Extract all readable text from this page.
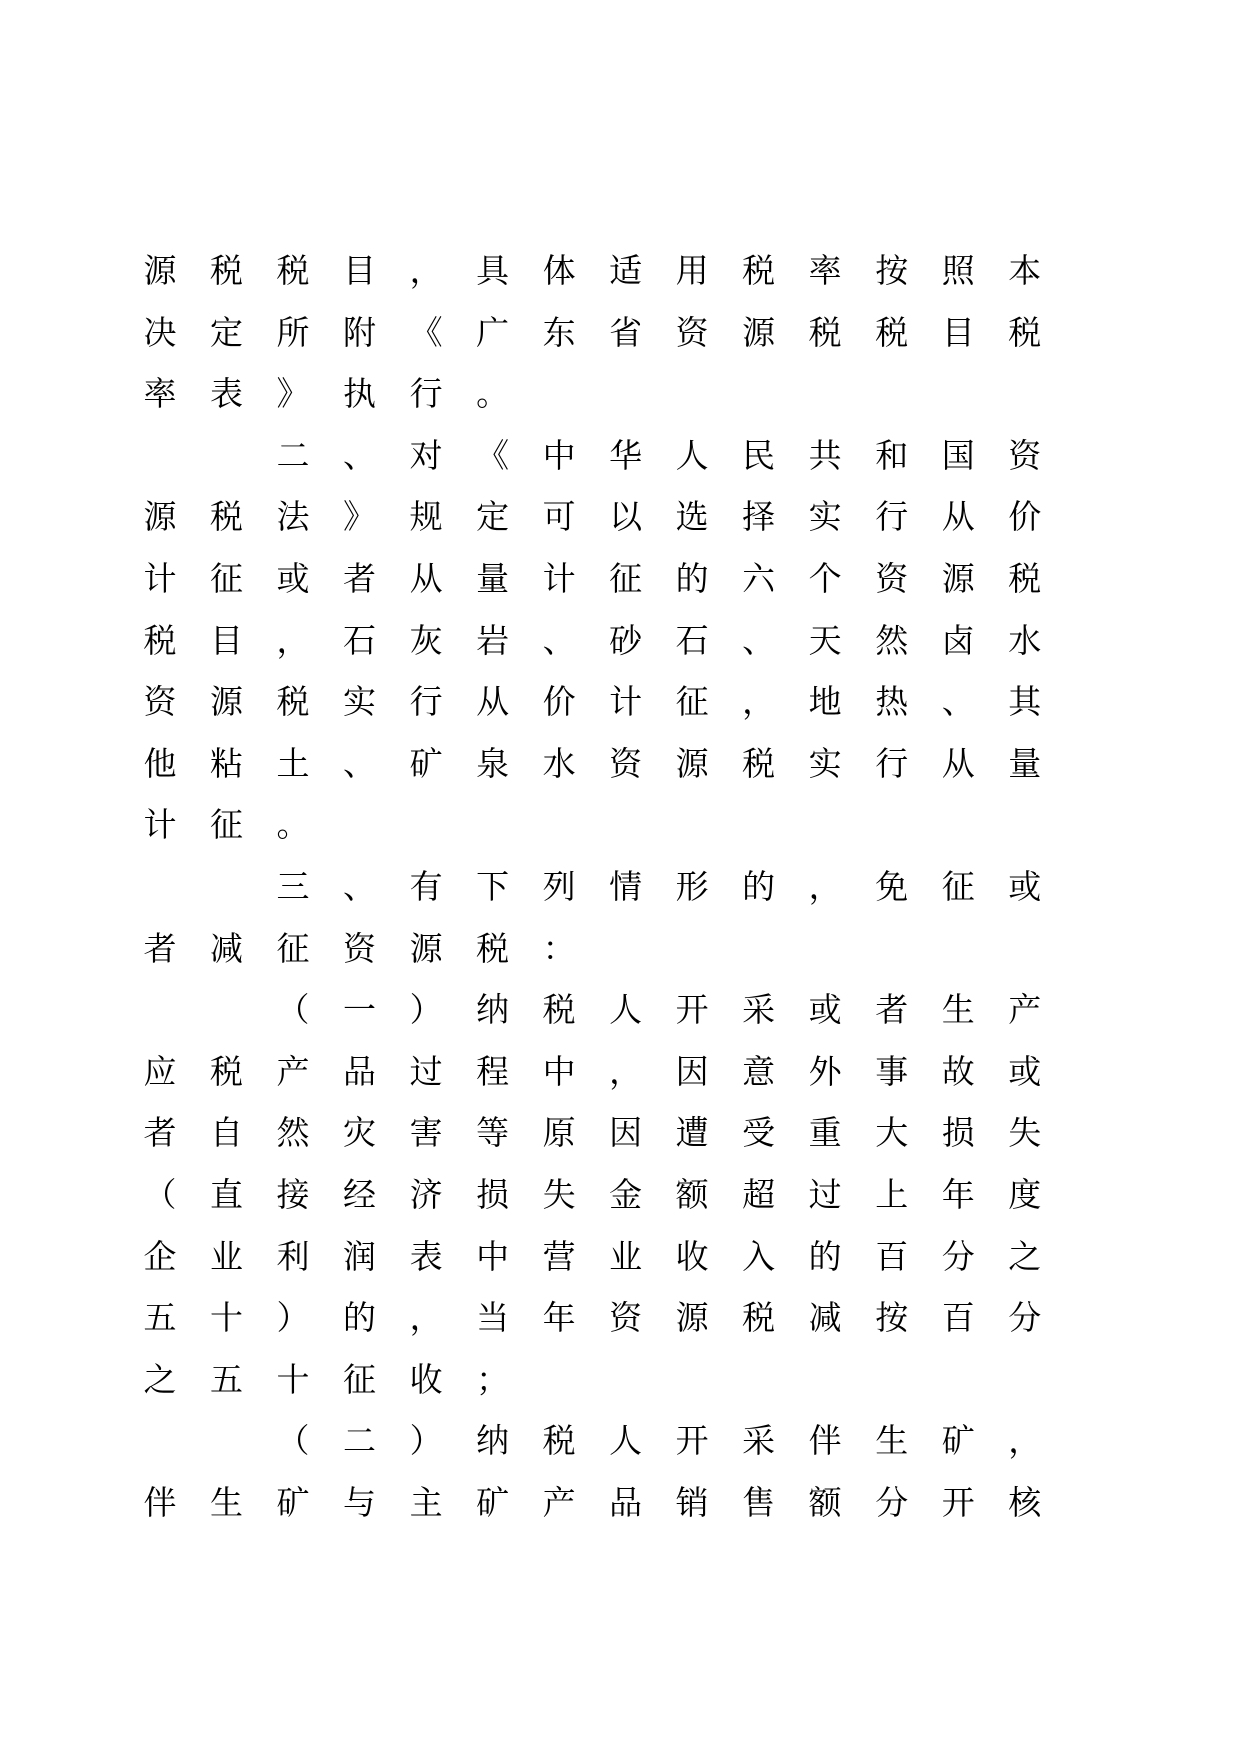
源 税 税 目 ， 具 体 适 用 税 率 按 照 本
决 定 所 附 《 广 东 省 资 源 税 税 目 税
率 表 》 执 行 。
二 、 对 《 中 华 人 民 共 和 国 资
源 税 法 》 规 定 可 以 选 择 实 行 从 价
计 征 或 者 从 量 计 征 的 六 个 资 源 税
税 目 ， 石 灰 岩 、 砂 石 、 天 然 卤 水
资 源 税 实 行 从 价 计 征 ， 地 热 、 其
他 粘 土 、 矿 泉 水 资 源 税 实 行 从 量
计 征 。
三 、 有 下 列 情 形 的 ， 免 征 或
者 减 征 资 源 税 ：
（ 一 ） 纳 税 人 开 采 或 者 生 产
应 税 产 品 过 程 中 ， 因 意 外 事 故 或
者 自 然 灾 害 等 原 因 遭 受 重 大 损 失
（ 直 接 经 济 损 失 金 额 超 过 上 年 度
企 业 利 润 表 中 营 业 收 入 的 百 分 之
五 十 ） 的 ， 当 年 资 源 税 减 按 百 分
之 五 十 征 收 ；
（ 二 ） 纳 税 人 开 采 伴 生 矿 ，
伴 生 矿 与 主 矿 产 品 销 售 额 分 开 核
